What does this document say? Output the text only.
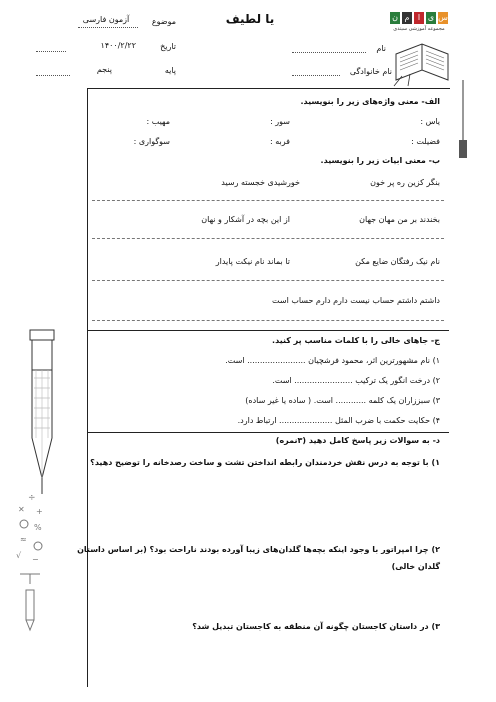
یا لطیف	ن م	ا ی س
مجموعه آموزشی سیتدی
موضوع
آزمون فارسی
تاریخ
۱۴۰۰/۲/۲۲
پایه
پنجم
نام
نام خانوادگی
الف- معنی واژه‌های زیر را بنویسید.
یاس :
سور :
مهیب :
فضیلت :
فربه :
سوگواری :
ب- معنی ابیات زیر را بنویسید.
بنگر کزین ره پر خون
خورشیدی خجسته رسید
بخندند بر من مهان جهان
از این بچه در آشکار و نهان
نام نیک رفتگان ضایع مکن
تا بماند نام نیکت پایدار
داشتم داشتم حساب نیست دارم دارم حساب است
ج- جاهای خالی را با کلمات مناسب پر کنید.
۱) نام مشهورترین اثر، محمود فرشچیان ....................... است.
۲) درخت انگور یک ترکیب ....................... است.
۳) سبززاران یک کلمه ............ است. ( ساده یا غیر ساده)
۴) حکایت حکمت با ضرب المثل ..................... ارتباط دارد.
د- به سوالات زیر پاسخ کامل دهید (۳نمره)
۱) با توجه به درس نقش خردمندان رابطه انداختن تشت و ساخت رصدخانه را توضیح دهید؟
۲) چرا امپراتور با وجود اینکه بچه‌ها گلدان‌های زیبا آورده بودند ناراحت بود؟ (بر اساس داستان
گلدان خالی)
۳) در داستان کاجستان چگونه آن منطقه به کاجستان تبدیل شد؟
÷
✕ +
%
≈
√ −
